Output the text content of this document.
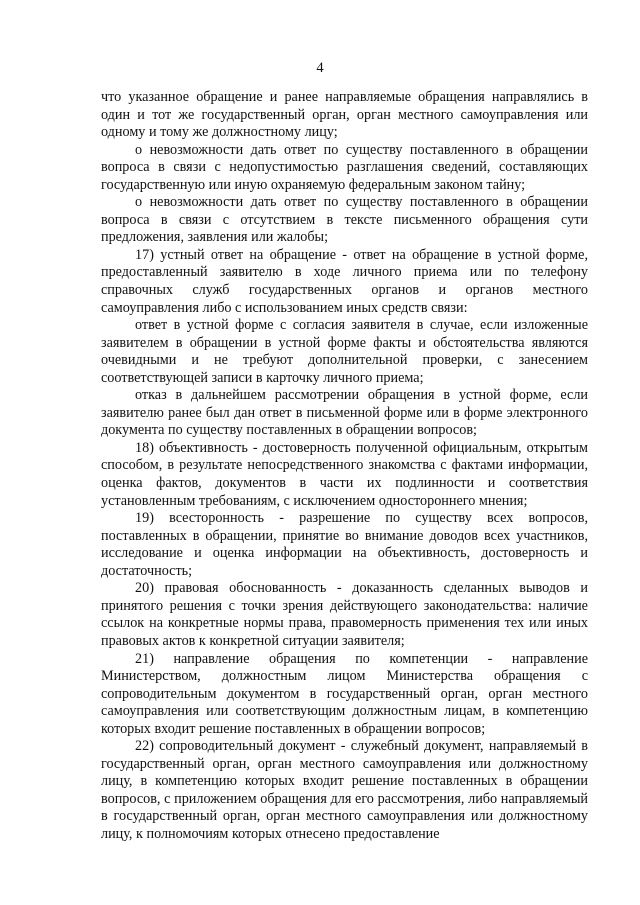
4

что указанное обращение и ранее направляемые обращения направлялись в один и тот же государственный орган, орган местного самоуправления или одному и тому же должностному лицу;

о невозможности дать ответ по существу поставленного в обращении вопроса в связи с недопустимостью разглашения сведений, составляющих государственную или иную охраняемую федеральным законом тайну;

о невозможности дать ответ по существу поставленного в обращении вопроса в связи с отсутствием в тексте письменного обращения сути предложения, заявления или жалобы;

17) устный ответ на обращение - ответ на обращение в устной форме, предоставленный заявителю в ходе личного приема или по телефону справочных служб государственных органов и органов местного самоуправления либо с использованием иных средств связи:

ответ в устной форме с согласия заявителя в случае, если изложенные заявителем в обращении в устной форме факты и обстоятельства являются очевидными и не требуют дополнительной проверки, с занесением соответствующей записи в карточку личного приема;

отказ в дальнейшем рассмотрении обращения в устной форме, если заявителю ранее был дан ответ в письменной форме или в форме электронного документа по существу поставленных в обращении вопросов;

18) объективность - достоверность полученной официальным, открытым способом, в результате непосредственного знакомства с фактами информации, оценка фактов, документов в части их подлинности и соответствия установленным требованиям, с исключением одностороннего мнения;

19) всесторонность - разрешение по существу всех вопросов, поставленных в обращении, принятие во внимание доводов всех участников, исследование и оценка информации на объективность, достоверность и достаточность;

20) правовая обоснованность - доказанность сделанных выводов и принятого решения с точки зрения действующего законодательства: наличие ссылок на конкретные нормы права, правомерность применения тех или иных правовых актов к конкретной ситуации заявителя;

21) направление обращения по компетенции - направление Министерством, должностным лицом Министерства обращения с сопроводительным документом в государственный орган, орган местного самоуправления или соответствующим должностным лицам, в компетенцию которых входит решение поставленных в обращении вопросов;

22) сопроводительный документ - служебный документ, направляемый в государственный орган, орган местного самоуправления или должностному лицу, в компетенцию которых входит решение поставленных в обращении вопросов, с приложением обращения для его рассмотрения, либо направляемый в государственный орган, орган местного самоуправления или должностному лицу, к полномочиям которых отнесено предоставление
